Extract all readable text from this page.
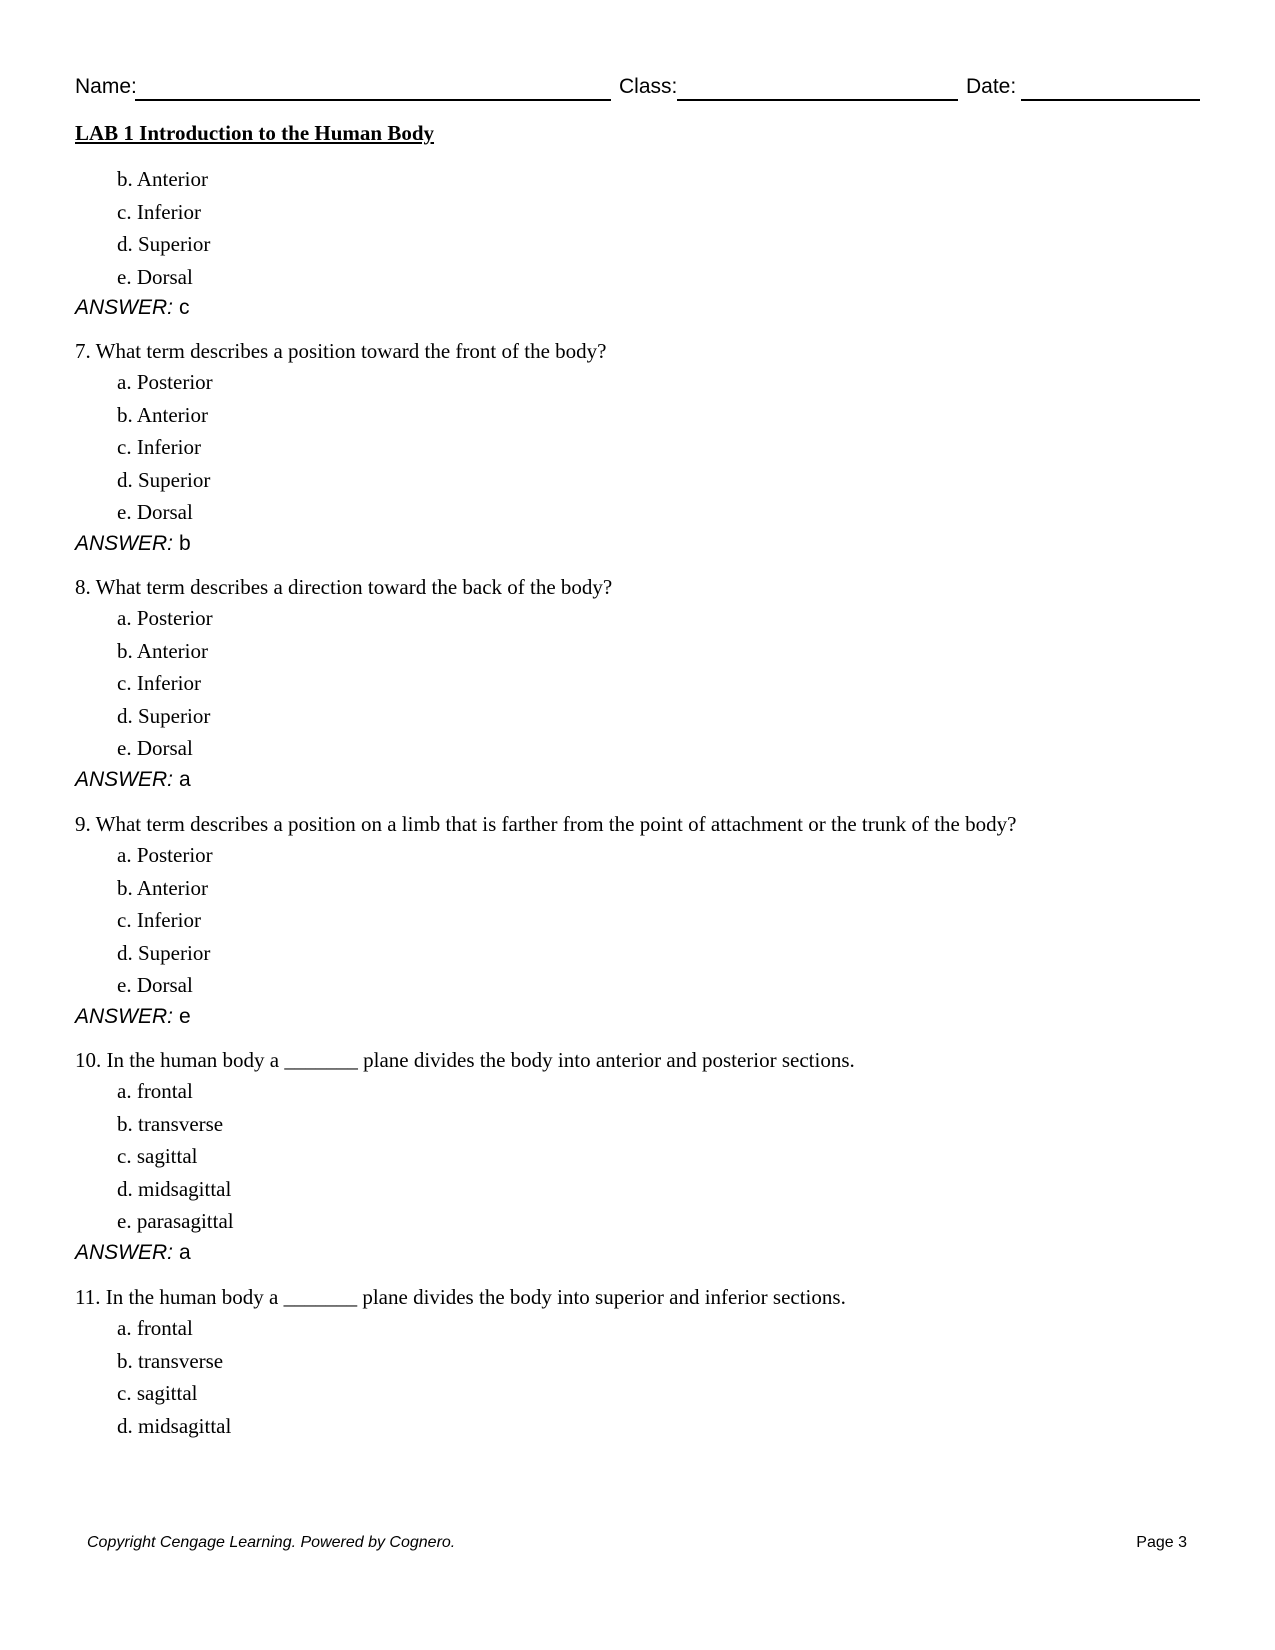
Name:	Class:	Date:
LAB 1 Introduction to the Human Body
b. Anterior
c. Inferior
d. Superior
e. Dorsal
ANSWER: c
7. What term describes a position toward the front of the body?
a. Posterior
b. Anterior
c. Inferior
d. Superior
e. Dorsal
ANSWER: b
8. What term describes a direction toward the back of the body?
a. Posterior
b. Anterior
c. Inferior
d. Superior
e. Dorsal
ANSWER: a
9. What term describes a position on a limb that is farther from the point of attachment or the trunk of the body?
a. Posterior
b. Anterior
c. Inferior
d. Superior
e. Dorsal
ANSWER: e
10. In the human body a _______ plane divides the body into anterior and posterior sections.
a. frontal
b. transverse
c. sagittal
d. midsagittal
e. parasagittal
ANSWER: a
11. In the human body a _______ plane divides the body into superior and inferior sections.
a. frontal
b. transverse
c. sagittal
d. midsagittal
Copyright Cengage Learning. Powered by Cognero.	Page 3
